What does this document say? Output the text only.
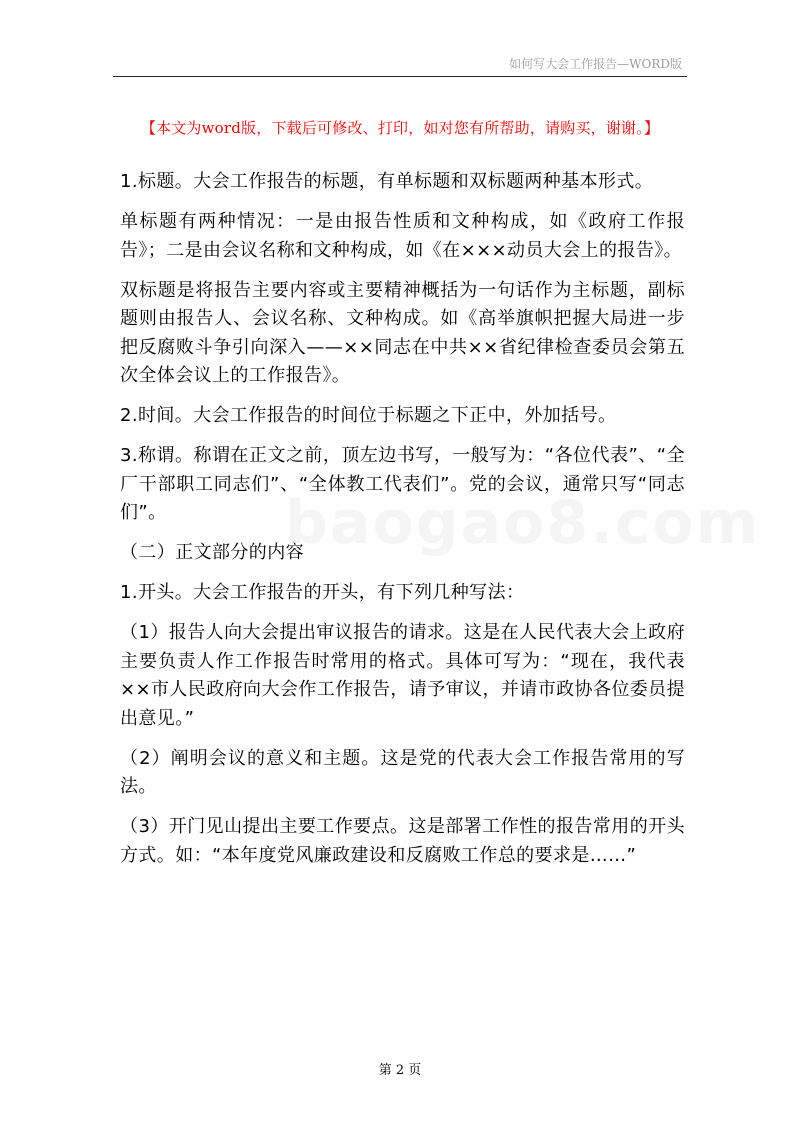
如何写大会工作报告—WORD版
【本文为word版，下载后可修改、打印，如对您有所帮助，请购买，谢谢。】
baogao8.com

1.标题。大会工作报告的标题，有单标题和双标题两种基本形式。

单标题有两种情况：一是由报告性质和文种构成，如《政府工作报告》；二是由会议名称和文种构成，如《在×××动员大会上的报告》。

双标题是将报告主要内容或主要精神概括为一句话作为主标题，副标题则由报告人、会议名称、文种构成。如《高举旗帜把握大局进一步把反腐败斗争引向深入——××同志在中共××省纪律检查委员会第五次全体会议上的工作报告》。

2.时间。大会工作报告的时间位于标题之下正中，外加括号。

3.称谓。称谓在正文之前，顶左边书写，一般写为：“各位代表”、“全厂干部职工同志们”、“全体教工代表们”。党的会议，通常只写“同志们”。

（二）正文部分的内容

1.开头。大会工作报告的开头，有下列几种写法：

（1）报告人向大会提出审议报告的请求。这是在人民代表大会上政府主要负责人作工作报告时常用的格式。具体可写为：“现在，我代表××市人民政府向大会作工作报告，请予审议，并请市政协各位委员提出意见。”

（2）阐明会议的意义和主题。这是党的代表大会工作报告常用的写法。

（3）开门见山提出主要工作要点。这是部署工作性的报告常用的开头方式。如：“本年度党风廉政建设和反腐败工作总的要求是……”

第 2 页
